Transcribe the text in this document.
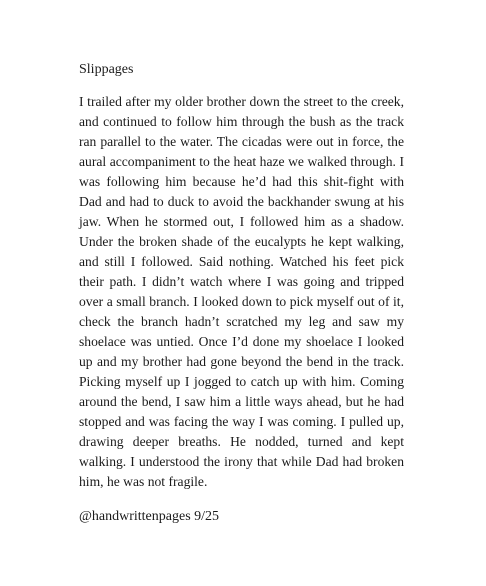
Slippages

I trailed after my older brother down the street to the creek, and continued to follow him through the bush as the track ran parallel to the water. The cicadas were out in force, the aural accompaniment to the heat haze we walked through. I was following him because he’d had this shit-fight with Dad and had to duck to avoid the backhander swung at his jaw. When he stormed out, I followed him as a shadow. Under the broken shade of the eucalypts he kept walking, and still I followed. Said nothing. Watched his feet pick their path. I didn’t watch where I was going and tripped over a small branch. I looked down to pick myself out of it, check the branch hadn’t scratched my leg and saw my shoelace was untied. Once I’d done my shoelace I looked up and my brother had gone beyond the bend in the track. Picking myself up I jogged to catch up with him. Coming around the bend, I saw him a little ways ahead, but he had stopped and was facing the way I was coming. I pulled up, drawing deeper breaths. He nodded, turned and kept walking. I understood the irony that while Dad had broken him, he was not fragile.

@handwrittenpages 9/25
